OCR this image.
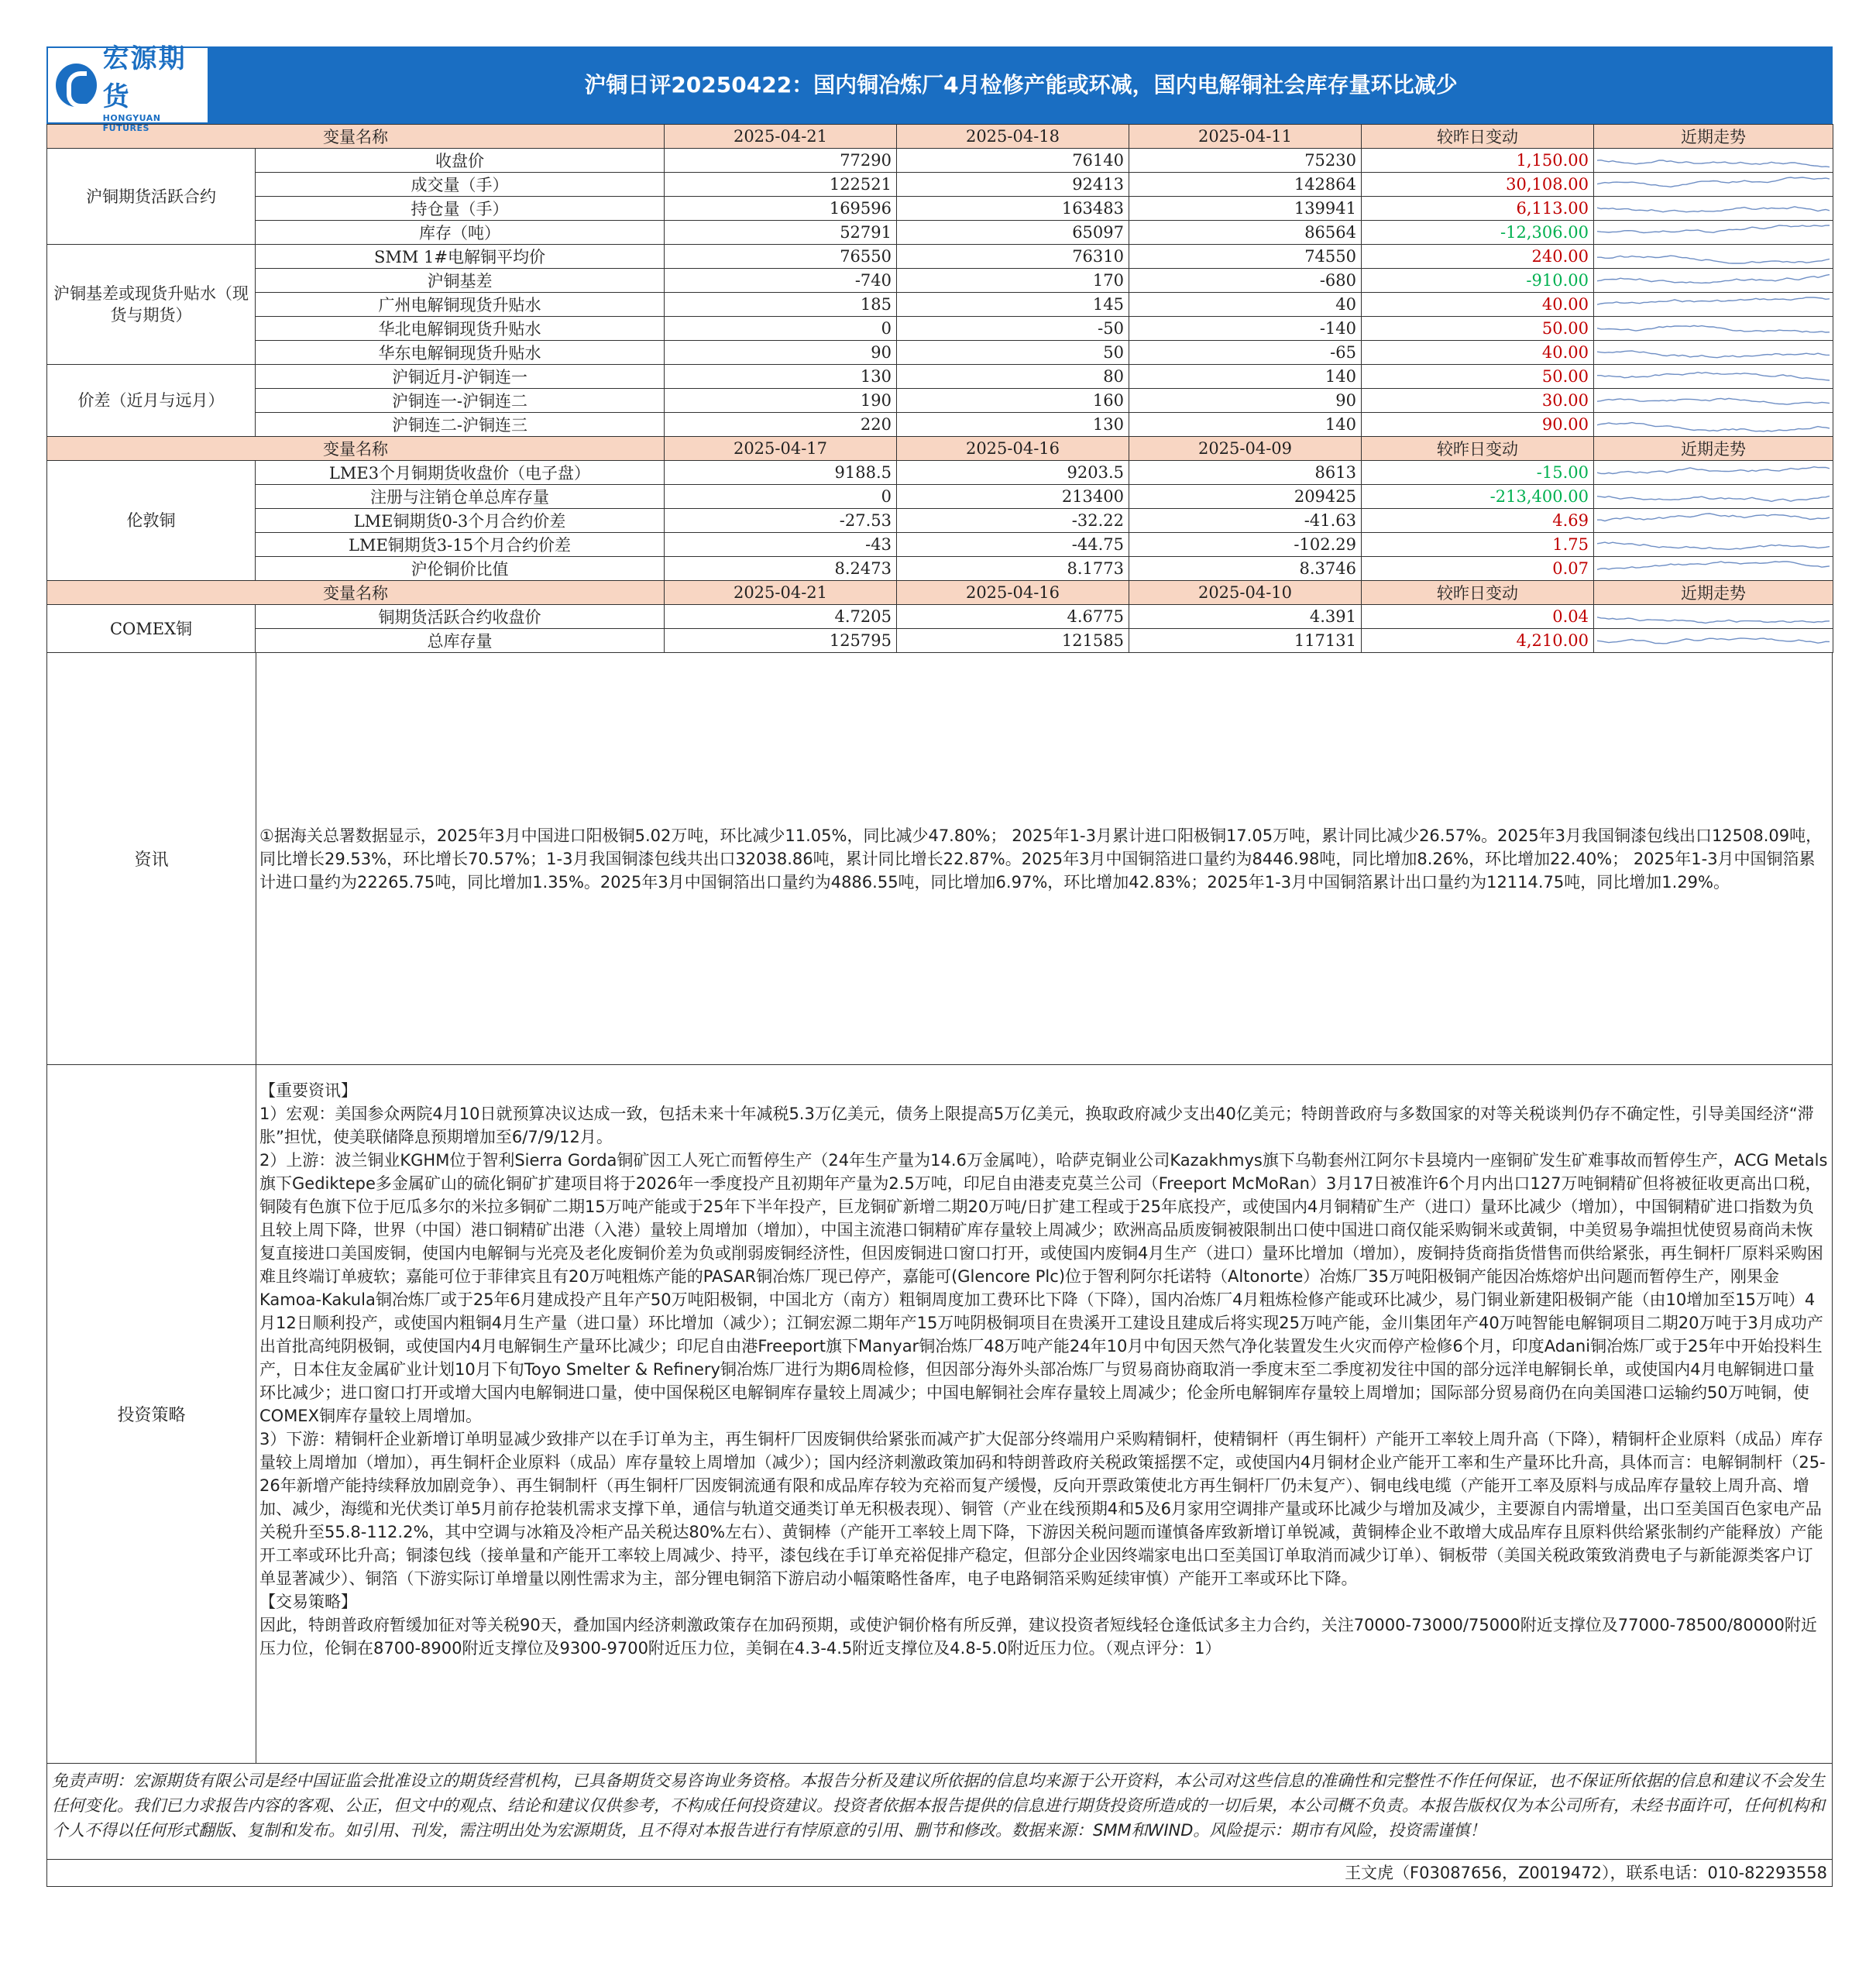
宏源期货
HONGYUAN FUTURES
沪铜日评20250422：国内铜冶炼厂4月检修产能或环减，国内电解铜社会库存量环比减少
变量名称		2025-04-21	2025-04-18	2025-04-11	较昨日变动	近期走势
沪铜期货活跃合约	收盘价	77290	76140	75230	1,150.00	

	成交量（手）	122521	92413	142864	30,108.00	

	持仓量（手）	169596	163483	139941	6,113.00	

	库存（吨）	52791	65097	86564	-12,306.00	

沪铜基差或现货升贴水（现货与期货）	SMM 1#电解铜平均价	76550	76310	74550	240.00	

	沪铜基差	-740	170	-680	-910.00	

	广州电解铜现货升贴水	185	145	40	40.00	

	华北电解铜现货升贴水	0	-50	-140	50.00	

	华东电解铜现货升贴水	90	50	-65	40.00	

价差（近月与远月）	沪铜近月-沪铜连一	130	80	140	50.00	

	沪铜连一-沪铜连二	190	160	90	30.00	

	沪铜连二-沪铜连三	220	130	140	90.00	

变量名称		2025-04-17	2025-04-16	2025-04-09	较昨日变动	近期走势
伦敦铜	LME3个月铜期货收盘价（电子盘）	9188.5	9203.5	8613	-15.00	

	注册与注销仓单总库存量	0	213400	209425	-213,400.00	

	LME铜期货0-3个月合约价差	-27.53	-32.22	-41.63	4.69	

	LME铜期货3-15个月合约价差	-43	-44.75	-102.29	1.75	

	沪伦铜价比值	8.2473	8.1773	8.3746	0.07	

变量名称		2025-04-21	2025-04-16	2025-04-10	较昨日变动	近期走势
COMEX铜	铜期货活跃合约收盘价	4.7205	4.6775	4.391	0.04	

	总库存量	125795	121585	117131	4,210.00	
资讯
①据海关总署数据显示，2025年3月中国进口阳极铜5.02万吨，环比减少11.05%，同比减少47.80%； 2025年1-3月累计进口阳极铜17.05万吨，累计同比减少26.57%。2025年3月我国铜漆包线出口12508.09吨，同比增长29.53%，环比增长70.57%；1-3月我国铜漆包线共出口32038.86吨，累计同比增长22.87%。2025年3月中国铜箔进口量约为8446.98吨，同比增加8.26%，环比增加22.40%； 2025年1-3月中国铜箔累计进口量约为22265.75吨，同比增加1.35%。2025年3月中国铜箔出口量约为4886.55吨，同比增加6.97%，环比增加42.83%；2025年1-3月中国铜箔累计出口量约为12114.75吨，同比增加1.29%。
投资策略
【重要资讯】
1）宏观：美国参众两院4月10日就预算决议达成一致，包括未来十年减税5.3万亿美元，债务上限提高5万亿美元，换取政府减少支出40亿美元；特朗普政府与多数国家的对等关税谈判仍存不确定性，引导美国经济“滞胀”担忧，使美联储降息预期增加至6/7/9/12月。
2）上游：波兰铜业KGHM位于智利Sierra Gorda铜矿因工人死亡而暂停生产（24年生产量为14.6万金属吨），哈萨克铜业公司Kazakhmys旗下乌勒套州江阿尔卡县境内一座铜矿发生矿难事故而暂停生产，ACG Metals旗下Gediktepe多金属矿山的硫化铜矿扩建项目将于2026年一季度投产且初期年产量为2.5万吨，印尼自由港麦克莫兰公司（Freeport McMoRan）3月17日被准许6个月内出口127万吨铜精矿但将被征收更高出口税，铜陵有色旗下位于厄瓜多尔的米拉多铜矿二期15万吨产能或于25年下半年投产，巨龙铜矿新增二期20万吨/日扩建工程或于25年底投产，或使国内4月铜精矿生产（进口）量环比减少（增加），中国铜精矿进口指数为负且较上周下降，世界（中国）港口铜精矿出港（入港）量较上周增加（增加），中国主流港口铜精矿库存量较上周减少；欧洲高品质废铜被限制出口使中国进口商仅能采购铜米或黄铜，中美贸易争端担忧使贸易商尚未恢复直接进口美国废铜，使国内电解铜与光亮及老化废铜价差为负或削弱废铜经济性，但因废铜进口窗口打开，或使国内废铜4月生产（进口）量环比增加（增加），废铜持货商指货惜售而供给紧张，再生铜杆厂原料采购困难且终端订单疲软；嘉能可位于菲律宾且有20万吨粗炼产能的PASAR铜冶炼厂现已停产，嘉能可(Glencore Plc)位于智利阿尔托诺特（Altonorte）冶炼厂35万吨阳极铜产能因冶炼熔炉出问题而暂停生产，刚果金Kamoa-Kakula铜冶炼厂或于25年6月建成投产且年产50万吨阳极铜，中国北方（南方）粗铜周度加工费环比下降（下降），国内冶炼厂4月粗炼检修产能或环比减少，易门铜业新建阳极铜产能（由10增加至15万吨）4月12日顺利投产，或使国内粗铜4月生产量（进口量）环比增加（减少）；江铜宏源二期年产15万吨阴极铜项目在贵溪开工建设且建成后将实现25万吨产能，金川集团年产40万吨智能电解铜项目二期20万吨于3月成功产出首批高纯阴极铜，或使国内4月电解铜生产量环比减少；印尼自由港Freeport旗下Manyar铜冶炼厂48万吨产能24年10月中旬因天然气净化装置发生火灾而停产检修6个月，印度Adani铜冶炼厂或于25年中开始投料生产，日本住友金属矿业计划10月下旬Toyo Smelter & Refinery铜冶炼厂进行为期6周检修，但因部分海外头部冶炼厂与贸易商协商取消一季度末至二季度初发往中国的部分远洋电解铜长单，或使国内4月电解铜进口量环比减少；进口窗口打开或增大国内电解铜进口量，使中国保税区电解铜库存量较上周减少；中国电解铜社会库存量较上周减少；伦金所电解铜库存量较上周增加；国际部分贸易商仍在向美国港口运输约50万吨铜，使COMEX铜库存量较上周增加。
3）下游：精铜杆企业新增订单明显减少致排产以在手订单为主，再生铜杆厂因废铜供给紧张而减产扩大促部分终端用户采购精铜杆，使精铜杆（再生铜杆）产能开工率较上周升高（下降），精铜杆企业原料（成品）库存量较上周增加（增加），再生铜杆企业原料（成品）库存量较上周增加（减少）；国内经济刺激政策加码和特朗普政府关税政策摇摆不定，或使国内4月铜材企业产能开工率和生产量环比升高，具体而言：电解铜制杆（25-26年新增产能持续释放加剧竞争）、再生铜制杆（再生铜杆厂因废铜流通有限和成品库存较为充裕而复产缓慢，反向开票政策使北方再生铜杆厂仍未复产）、铜电线电缆（产能开工率及原料与成品库存量较上周升高、增加、减少，海缆和光伏类订单5月前存抢装机需求支撑下单，通信与轨道交通类订单无积极表现）、铜管（产业在线预期4和5及6月家用空调排产量或环比减少与增加及减少，主要源自内需增量，出口至美国百色家电产品关税升至55.8-112.2%，其中空调与冰箱及冷柜产品关税达80%左右）、黄铜棒（产能开工率较上周下降，下游因关税问题而谨慎备库致新增订单锐减，黄铜棒企业不敢增大成品库存且原料供给紧张制约产能释放）产能开工率或环比升高；铜漆包线（接单量和产能开工率较上周减少、持平，漆包线在手订单充裕促排产稳定，但部分企业因终端家电出口至美国订单取消而减少订单）、铜板带（美国关税政策致消费电子与新能源类客户订单显著减少）、铜箔（下游实际订单增量以刚性需求为主，部分锂电铜箔下游启动小幅策略性备库，电子电路铜箔采购延续审慎）产能开工率或环比下降。
【交易策略】
因此，特朗普政府暂缓加征对等关税90天，叠加国内经济刺激政策存在加码预期，或使沪铜价格有所反弹，建议投资者短线轻仓逢低试多主力合约，关注70000-73000/75000附近支撑位及77000-78500/80000附近压力位，伦铜在8700-8900附近支撑位及9300-9700附近压力位，美铜在4.3-4.5附近支撑位及4.8-5.0附近压力位。（观点评分：1）
免责声明：宏源期货有限公司是经中国证监会批准设立的期货经营机构，已具备期货交易咨询业务资格。本报告分析及建议所依据的信息均来源于公开资料，本公司对这些信息的准确性和完整性不作任何保证，也不保证所依据的信息和建议不会发生任何变化。我们已力求报告内容的客观、公正，但文中的观点、结论和建议仅供参考，不构成任何投资建议。投资者依据本报告提供的信息进行期货投资所造成的一切后果，本公司概不负责。本报告版权仅为本公司所有，未经书面许可，任何机构和个人不得以任何形式翻版、复制和发布。如引用、刊发，需注明出处为宏源期货，且不得对本报告进行有悖原意的引用、删节和修改。数据来源：SMM和WIND。风险提示：期市有风险，投资需谨慎！
王文虎（F03087656，Z0019472），联系电话：010-82293558
